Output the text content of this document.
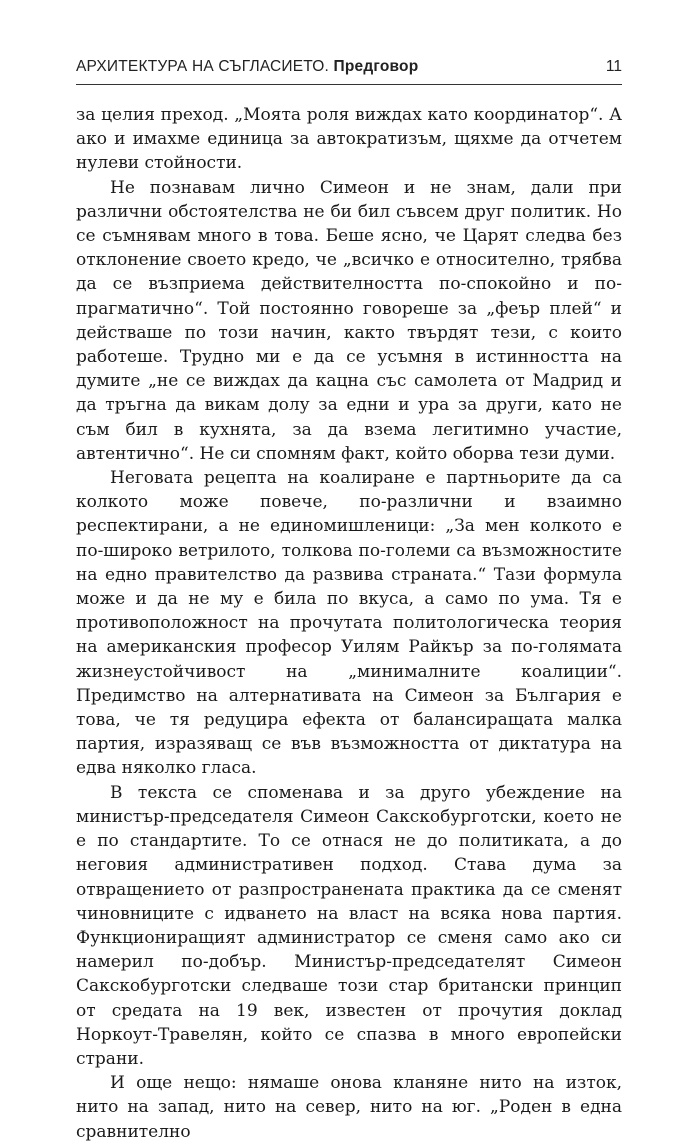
АРХИТЕКТУРА НА СЪГЛАСИЕТО. Предговор	11

за целия преход. „Моята роля виждах като координатор“. А ако и имахме единица за автократизъм, щяхме да отчетем нулеви стойности.

Не познавам лично Симеон и не знам, дали при различни обстоятелства не би бил съвсем друг политик. Но се съмнявам много в това. Беше ясно, че Царят следва без отклонение своето кредо, че „всичко е относително, трябва да се възприема действителността по-спокойно и по-прагматично“. Той постоянно говореше за „феър плей“ и действаше по този начин, както твърдят тези, с които работеше. Трудно ми е да се усъмня в истинността на думите „не се виждах да кацна със самолета от Мадрид и да тръгна да викам долу за едни и ура за други, като не съм бил в кухнята, за да взема легитимно участие, автентично“. Не си спомням факт, който оборва тези думи.

Неговата рецепта на коалиране е партньорите да са колкото може повече, по-различни и взаимно респектирани, а не единомишленици: „За мен колкото е по-широко ветрилото, толкова по-големи са възможностите на едно правителство да развива страната.“ Тази формула може и да не му е била по вкуса, а само по ума. Тя е противоположност на прочутата политологическа теория на американския професор Уилям Райкър за по-голямата жизнеустойчивост на „минималните коалиции“. Предимство на алтернативата на Симеон за България е това, че тя редуцира ефекта от балансиращата малка партия, изразяващ се във възможността от диктатура на едва няколко гласа.

В текста се споменава и за друго убеждение на министър-председателя Симеон Сакскобурготски, което не е по стандартите. То се отнася не до политиката, а до неговия административен подход. Става дума за отвращението от разпространената практика да се сменят чиновниците с идването на власт на всяка нова партия. Функциониращият администратор се сменя само ако си намерил по-добър. Министър-председателят Симеон Сакскобурготски следваше този стар британски принцип от средата на 19 век, известен от прочутия доклад Норкоут-Травелян, който се спазва в много европейски страни.

И още нещо: нямаше онова кланяне нито на изток, нито на запад, нито на север, нито на юг. „Роден в една сравнително
